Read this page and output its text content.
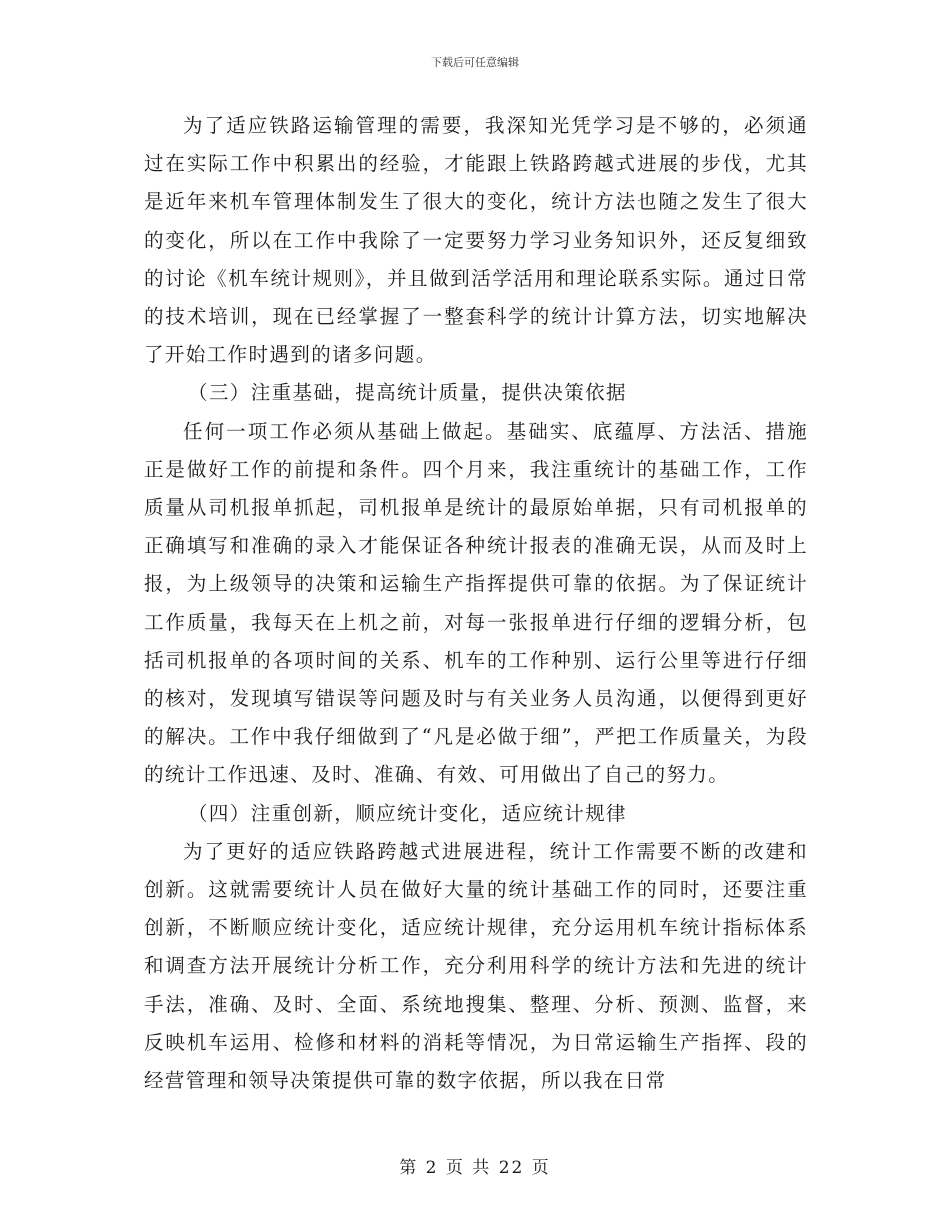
下载后可任意编辑

为了适应铁路运输管理的需要，我深知光凭学习是不够的，必须通过在实际工作中积累出的经验，才能跟上铁路跨越式进展的步伐，尤其是近年来机车管理体制发生了很大的变化，统计方法也随之发生了很大的变化，所以在工作中我除了一定要努力学习业务知识外，还反复细致的讨论《机车统计规则》，并且做到活学活用和理论联系实际。通过日常的技术培训，现在已经掌握了一整套科学的统计计算方法，切实地解决了开始工作时遇到的诸多问题。

（三）注重基础，提高统计质量，提供决策依据

任何一项工作必须从基础上做起。基础实、底蕴厚、方法活、措施正是做好工作的前提和条件。四个月来，我注重统计的基础工作，工作质量从司机报单抓起，司机报单是统计的最原始单据，只有司机报单的正确填写和准确的录入才能保证各种统计报表的准确无误，从而及时上报，为上级领导的决策和运输生产指挥提供可靠的依据。为了保证统计工作质量，我每天在上机之前，对每一张报单进行仔细的逻辑分析，包括司机报单的各项时间的关系、机车的工作种别、运行公里等进行仔细的核对，发现填写错误等问题及时与有关业务人员沟通，以便得到更好的解决。工作中我仔细做到了“凡是必做于细”，严把工作质量关，为段的统计工作迅速、及时、准确、有效、可用做出了自己的努力。

（四）注重创新，顺应统计变化，适应统计规律

为了更好的适应铁路跨越式进展进程，统计工作需要不断的改建和创新。这就需要统计人员在做好大量的统计基础工作的同时，还要注重创新，不断顺应统计变化，适应统计规律，充分运用机车统计指标体系和调查方法开展统计分析工作，充分利用科学的统计方法和先进的统计手法，准确、及时、全面、系统地搜集、整理、分析、预测、监督，来反映机车运用、检修和材料的消耗等情况，为日常运输生产指挥、段的经营管理和领导决策提供可靠的数字依据，所以我在日常

第 2 页 共 22 页
